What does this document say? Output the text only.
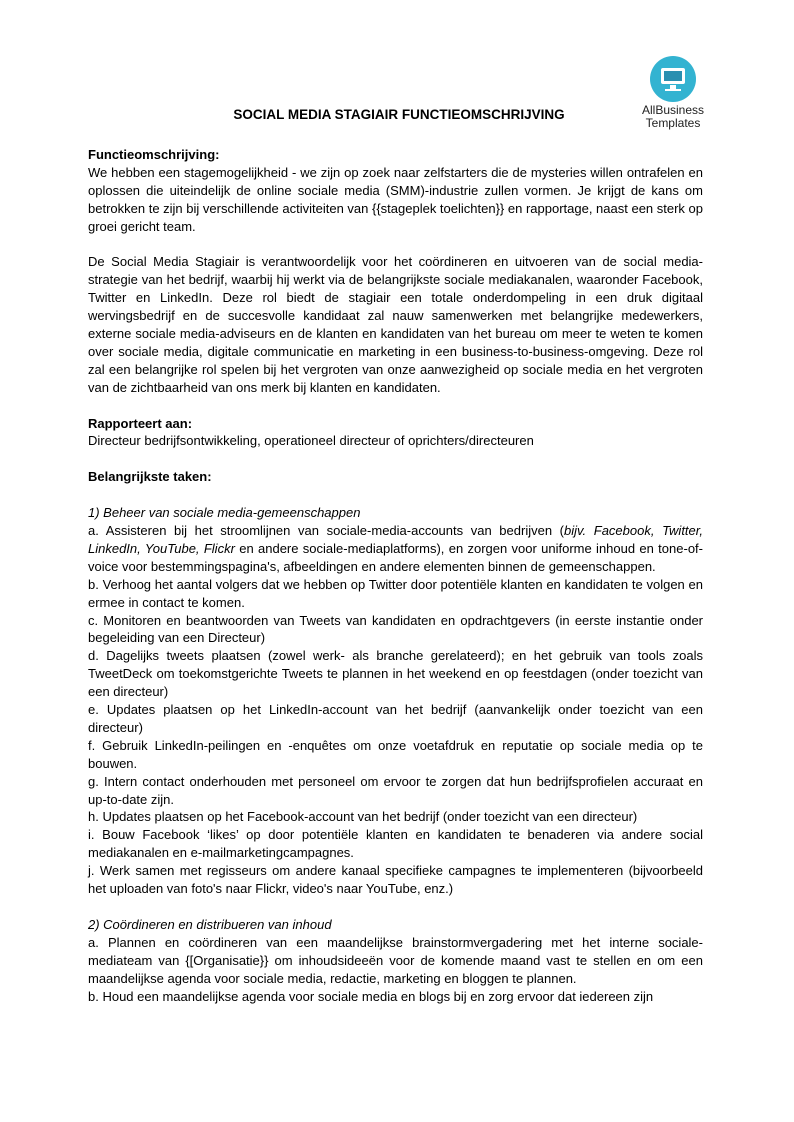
AllBusiness
Templates
SOCIAL MEDIA STAGIAIR FUNCTIEOMSCHRIJVING

Functieomschrijving:

We hebben een stagemogelijkheid - we zijn op zoek naar zelfstarters die de mysteries willen ontrafelen en oplossen die uiteindelijk de online sociale media (SMM)-industrie zullen vormen. Je krijgt de kans om betrokken te zijn bij verschillende activiteiten van {{stageplek toelichten}} en rapportage, naast een sterk op groei gericht team.

De Social Media Stagiair is verantwoordelijk voor het coördineren en uitvoeren van de social media-strategie van het bedrijf, waarbij hij werkt via de belangrijkste sociale mediakanalen, waaronder Facebook, Twitter en LinkedIn. Deze rol biedt de stagiair een totale onderdompeling in een druk digitaal wervingsbedrijf en de succesvolle kandidaat zal nauw samenwerken met belangrijke medewerkers, externe sociale media-adviseurs en de klanten en kandidaten van het bureau om meer te weten te komen over sociale media, digitale communicatie en marketing in een business-to-business-omgeving. Deze rol zal een belangrijke rol spelen bij het vergroten van onze aanwezigheid op sociale media en het vergroten van de zichtbaarheid van ons merk bij klanten en kandidaten.

Rapporteert aan:

Directeur bedrijfsontwikkeling, operationeel directeur of oprichters/directeuren

Belangrijkste taken:

1) Beheer van sociale media-gemeenschappen

a. Assisteren bij het stroomlijnen van sociale-media-accounts van bedrijven (bijv. Facebook, Twitter, LinkedIn, YouTube, Flickr en andere sociale-mediaplatforms), en zorgen voor uniforme inhoud en tone-of-voice voor bestemmingspagina's, afbeeldingen en andere elementen binnen de gemeenschappen.

b. Verhoog het aantal volgers dat we hebben op Twitter door potentiële klanten en kandidaten te volgen en ermee in contact te komen.

c. Monitoren en beantwoorden van Tweets van kandidaten en opdrachtgevers (in eerste instantie onder begeleiding van een Directeur)

d. Dagelijks tweets plaatsen (zowel werk- als branche gerelateerd); en het gebruik van tools zoals TweetDeck om toekomstgerichte Tweets te plannen in het weekend en op feestdagen (onder toezicht van een directeur)

e. Updates plaatsen op het LinkedIn-account van het bedrijf (aanvankelijk onder toezicht van een directeur)

f. Gebruik LinkedIn-peilingen en -enquêtes om onze voetafdruk en reputatie op sociale media op te bouwen.

g. Intern contact onderhouden met personeel om ervoor te zorgen dat hun bedrijfsprofielen accuraat en up-to-date zijn.

h. Updates plaatsen op het Facebook-account van het bedrijf (onder toezicht van een directeur)

i. Bouw Facebook ‘likes’ op door potentiële klanten en kandidaten te benaderen via andere social mediakanalen en e-mailmarketingcampagnes.

j. Werk samen met regisseurs om andere kanaal specifieke campagnes te implementeren (bijvoorbeeld het uploaden van foto's naar Flickr, video's naar YouTube, enz.)

2) Coördineren en distribueren van inhoud

a. Plannen en coördineren van een maandelijkse brainstormvergadering met het interne sociale-mediateam van {[Organisatie}} om inhoudsideeën voor de komende maand vast te stellen en om een maandelijkse agenda voor sociale media, redactie, marketing en bloggen te plannen.

b. Houd een maandelijkse agenda voor sociale media en blogs bij en zorg ervoor dat iedereen zijn
